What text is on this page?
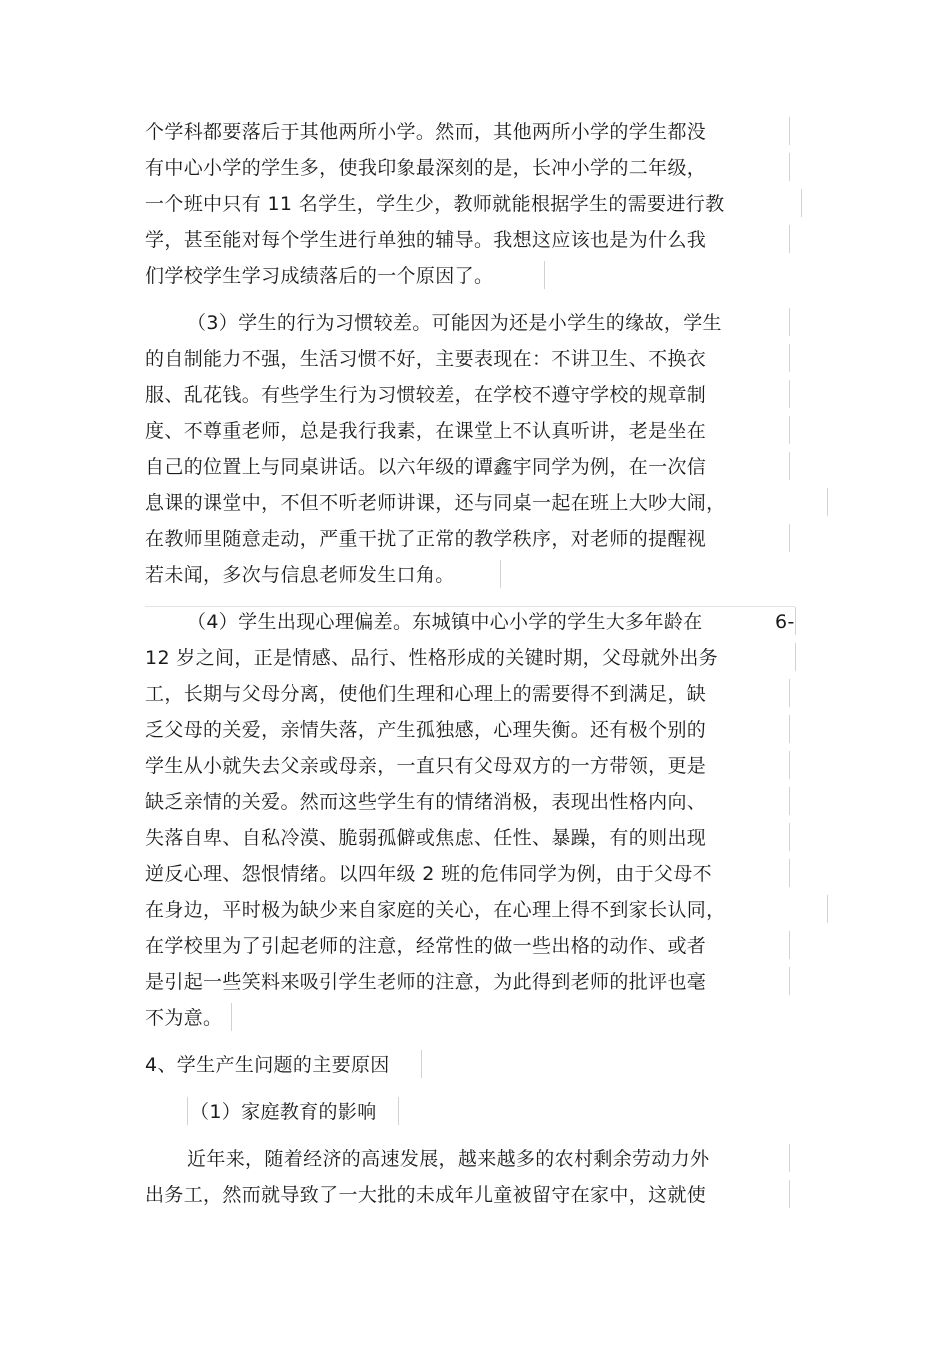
个学科都要落后于其他两所小学。然而，其他两所小学的学生都没
有中心小学的学生多，使我印象最深刻的是，长冲小学的二年级，
一个班中只有 11 名学生，学生少，教师就能根据学生的需要进行教
学，甚至能对每个学生进行单独的辅导。我想这应该也是为什么我
们学校学生学习成绩落后的一个原因了。
（3）学生的行为习惯较差。可能因为还是小学生的缘故，学生
的自制能力不强，生活习惯不好，主要表现在：不讲卫生、不换衣
服、乱花钱。有些学生行为习惯较差，在学校不遵守学校的规章制
度、不尊重老师，总是我行我素，在课堂上不认真听讲，老是坐在
自己的位置上与同桌讲话。以六年级的谭鑫宇同学为例，在一次信
息课的课堂中，不但不听老师讲课，还与同桌一起在班上大吵大闹，
在教师里随意走动，严重干扰了正常的教学秩序，对老师的提醒视
若未闻，多次与信息老师发生口角。
（4）学生出现心理偏差。东城镇中心小学的学生大多年龄在	6-
12 岁之间，正是情感、品行、性格形成的关键时期，父母就外出务
工，长期与父母分离，使他们生理和心理上的需要得不到满足，缺
乏父母的关爱，亲情失落，产生孤独感，心理失衡。还有极个别的
学生从小就失去父亲或母亲，一直只有父母双方的一方带领，更是
缺乏亲情的关爱。然而这些学生有的情绪消极，表现出性格内向、
失落自卑、自私冷漠、脆弱孤僻或焦虑、任性、暴躁，有的则出现
逆反心理、怨恨情绪。以四年级 2 班的危伟同学为例，由于父母不
在身边，平时极为缺少来自家庭的关心，在心理上得不到家长认同，
在学校里为了引起老师的注意，经常性的做一些出格的动作、或者
是引起一些笑料来吸引学生老师的注意，为此得到老师的批评也毫
不为意。
4、学生产生问题的主要原因
（1）家庭教育的影响
近年来，随着经济的高速发展，越来越多的农村剩余劳动力外
出务工，然而就导致了一大批的未成年儿童被留守在家中，这就使
